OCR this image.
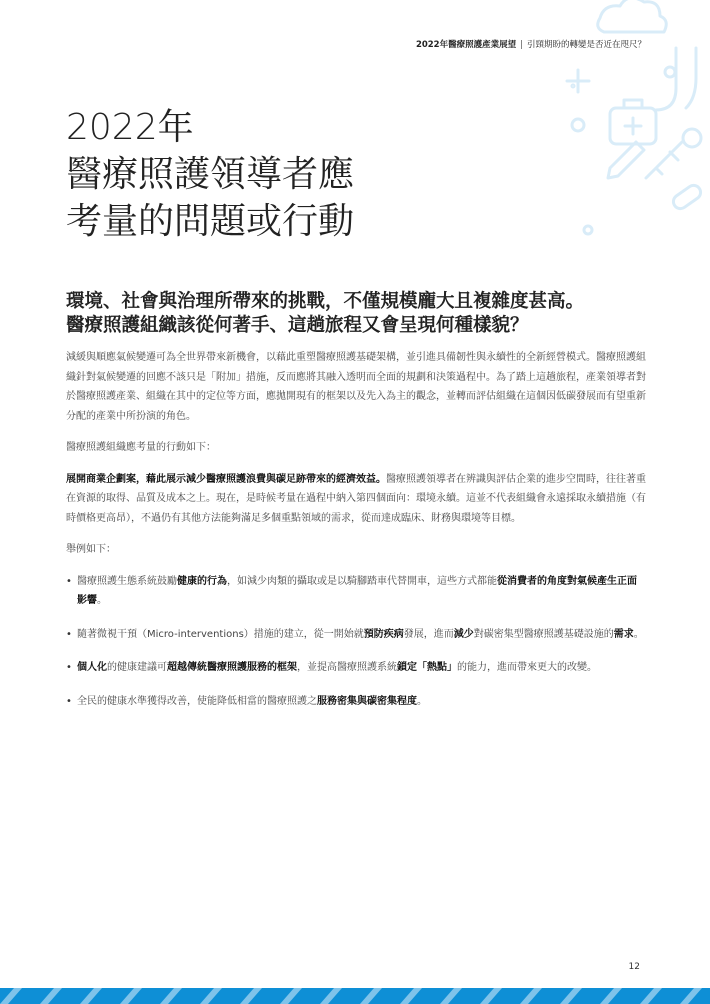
2022年醫療照護產業展望 | 引頸期盼的轉變是否近在咫尺？
2022年
醫療照護領導者應
考量的問題或行動
環境、社會與治理所帶來的挑戰，不僅規模龐大且複雜度甚高。
醫療照護組織該從何著手、這趟旅程又會呈現何種樣貌？

減緩與順應氣候變遷可為全世界帶來新機會，以藉此重塑醫療照護基礎架構，並引進具備韌性與永續性的全新經營模式。醫療照護組織針對氣候變遷的回應不該只是「附加」措施，反而應將其融入透明而全面的規劃和決策過程中。為了踏上這趟旅程，產業領導者對於醫療照護產業、組織在其中的定位等方面，應拋開現有的框架以及先入為主的觀念，並轉而評估組織在這個因低碳發展而有望重新分配的產業中所扮演的角色。

醫療照護組織應考量的行動如下：

展開商業企劃案，藉此展示減少醫療照護浪費與碳足跡帶來的經濟效益。醫療照護領導者在辨識與評估企業的進步空間時，往往著重在資源的取得、品質及成本之上。現在，是時候考量在過程中納入第四個面向：環境永續。這並不代表組織會永遠採取永續措施（有時價格更高昂），不過仍有其他方法能夠滿足多個重點領域的需求，從而達成臨床、財務與環境等目標。

舉例如下：

• 醫療照護生態系統鼓勵健康的行為，如減少肉類的攝取或是以騎腳踏車代替開車，這些方式都能從消費者的角度對氣候產生正面影響。
• 隨著微視干預（Micro-interventions）措施的建立，從一開始就預防疾病發展，進而減少對碳密集型醫療照護基礎設施的需求。
• 個人化的健康建議可超越傳統醫療照護服務的框架，並提高醫療照護系統鎖定「熱點」的能力，進而帶來更大的改變。
• 全民的健康水準獲得改善，使能降低相當的醫療照護之服務密集與碳密集程度。
12
